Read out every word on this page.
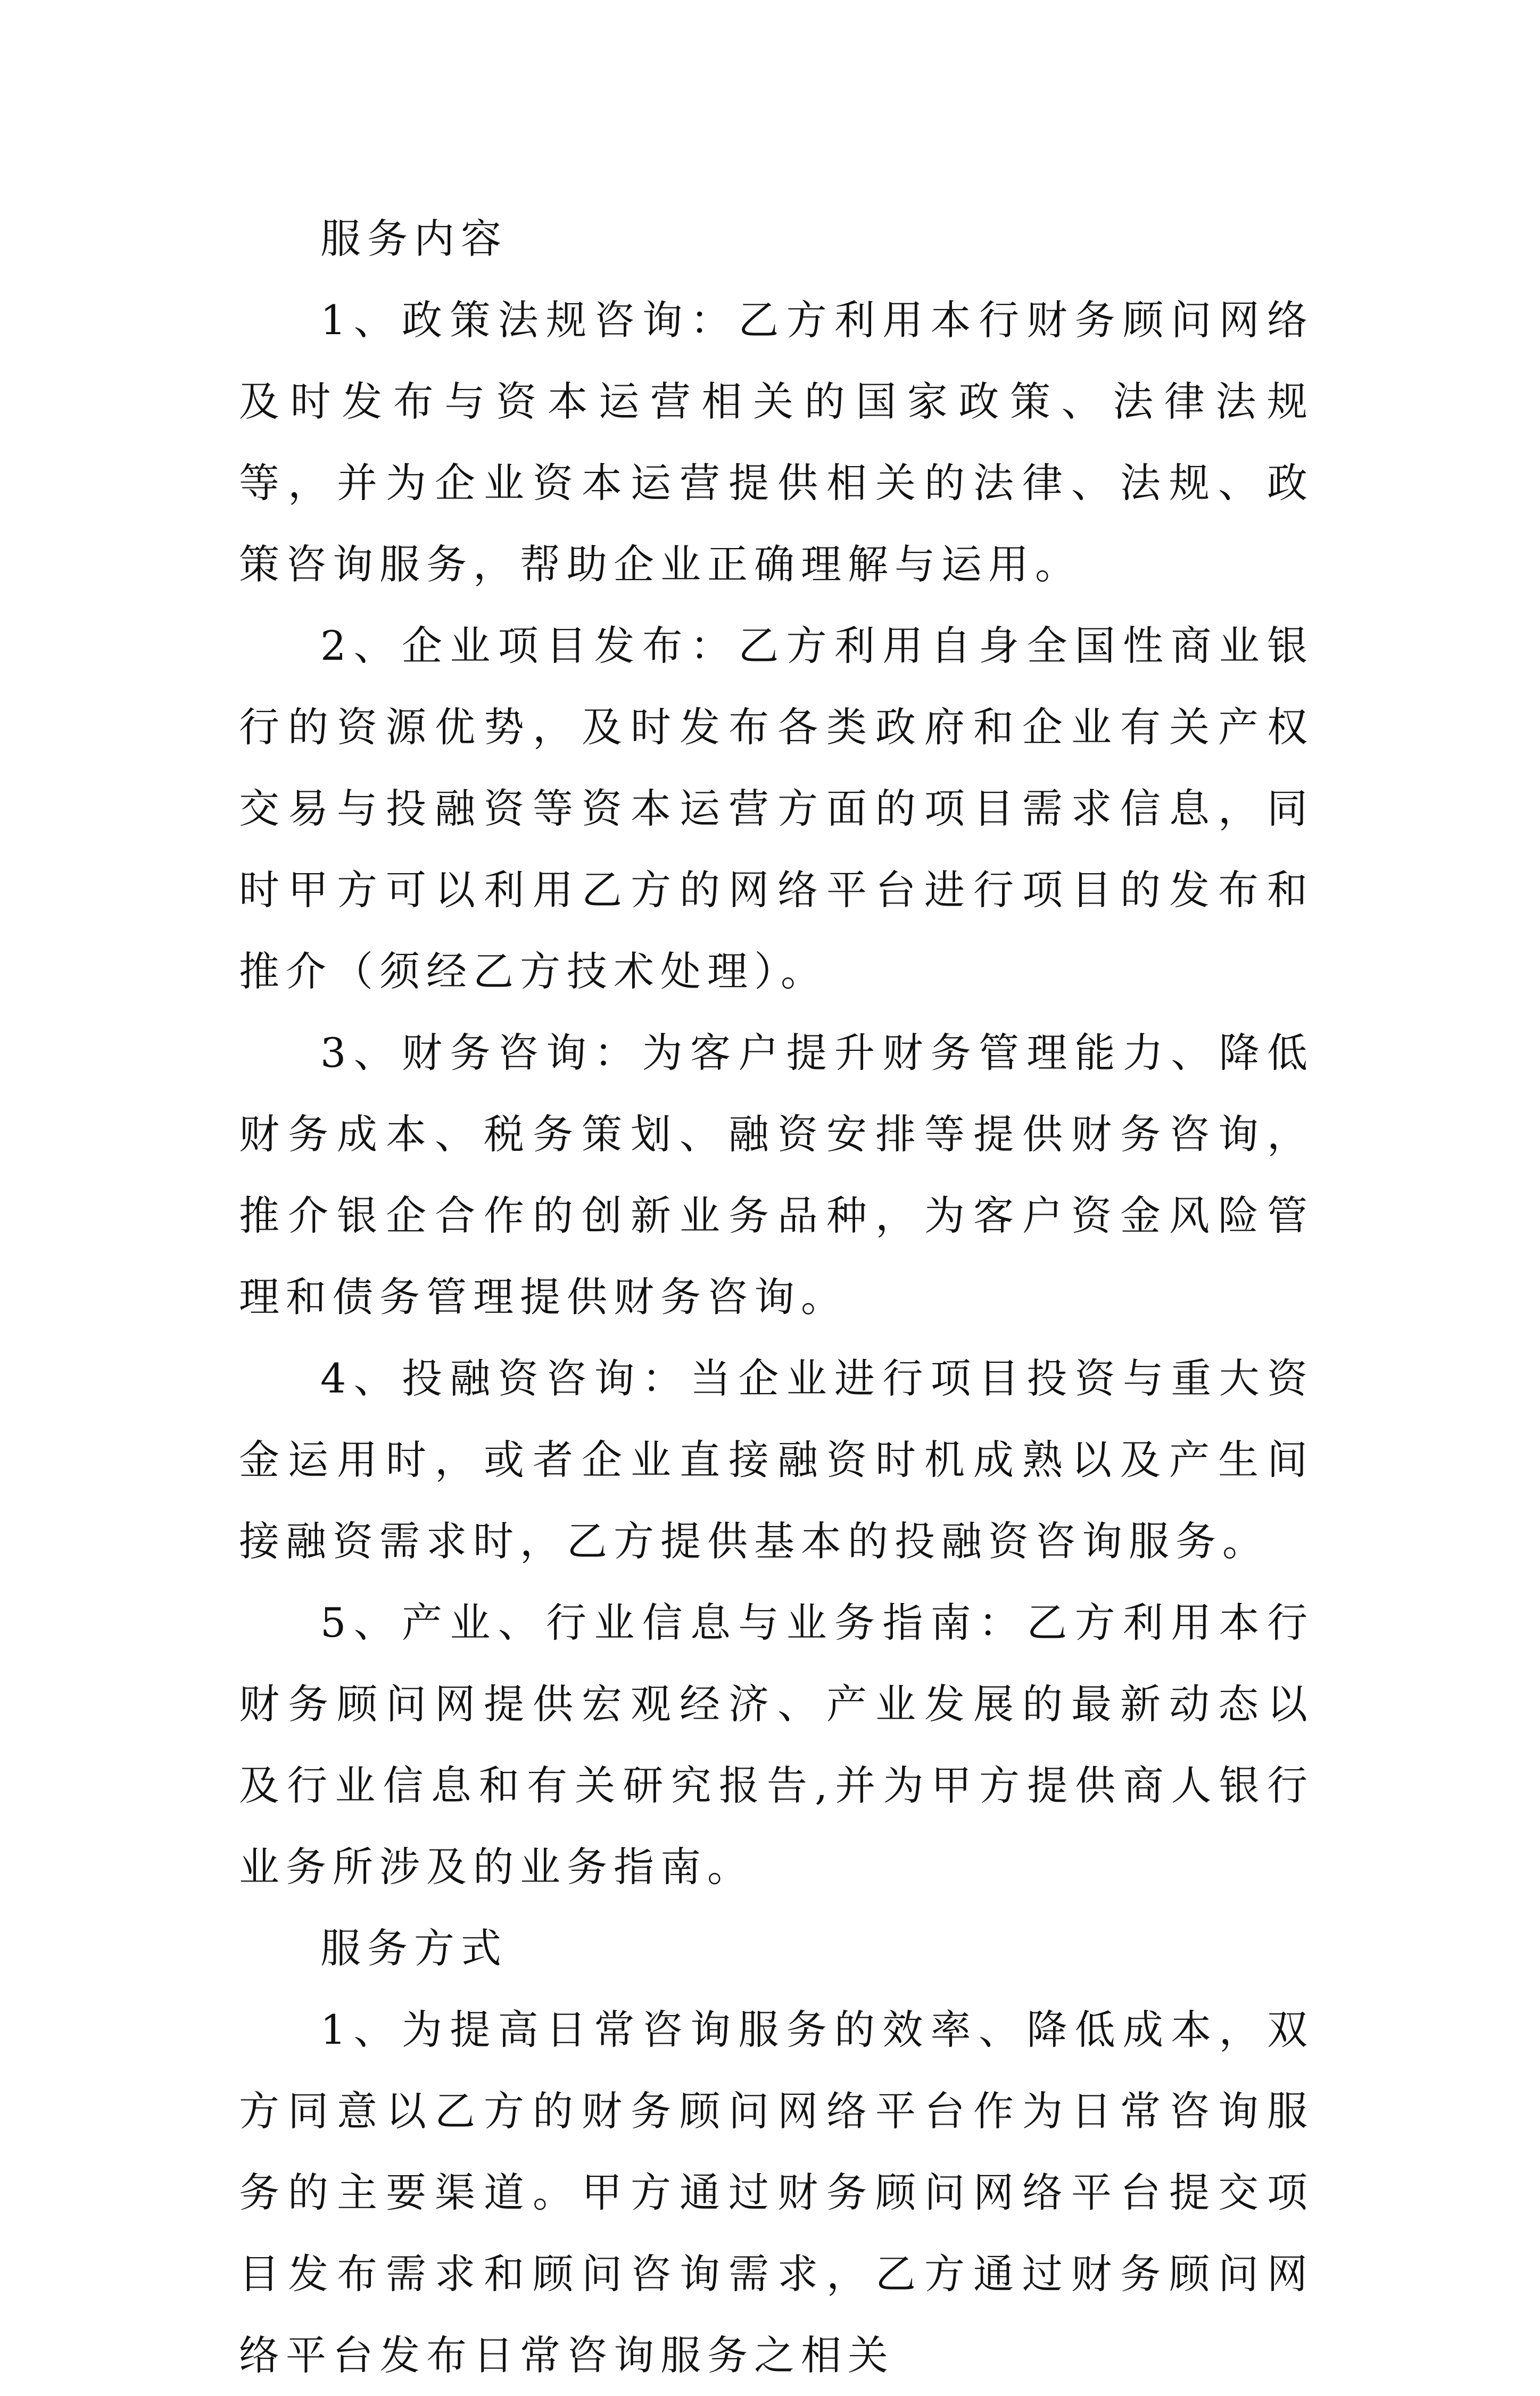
服务内容

1、政策法规咨询：乙方利用本行财务顾问网络及时发布与资本运营相关的国家政策、法律法规等，并为企业资本运营提供相关的法律、法规、政策咨询服务，帮助企业正确理解与运用。

2、企业项目发布：乙方利用自身全国性商业银行的资源优势，及时发布各类政府和企业有关产权交易与投融资等资本运营方面的项目需求信息，同时甲方可以利用乙方的网络平台进行项目的发布和推介（须经乙方技术处理）。

3、财务咨询：为客户提升财务管理能力、降低财务成本、税务策划、融资安排等提供财务咨询，推介银企合作的创新业务品种，为客户资金风险管理和债务管理提供财务咨询。

4、投融资咨询：当企业进行项目投资与重大资金运用时，或者企业直接融资时机成熟以及产生间接融资需求时，乙方提供基本的投融资咨询服务。

5、产业、行业信息与业务指南：乙方利用本行财务顾问网提供宏观经济、产业发展的最新动态以及行业信息和有关研究报告,并为甲方提供商人银行业务所涉及的业务指南。

服务方式

1、为提高日常咨询服务的效率、降低成本，双方同意以乙方的财务顾问网络平台作为日常咨询服务的主要渠道。甲方通过财务顾问网络平台提交项目发布需求和顾问咨询需求，乙方通过财务顾问网络平台发布日常咨询服务之相关
